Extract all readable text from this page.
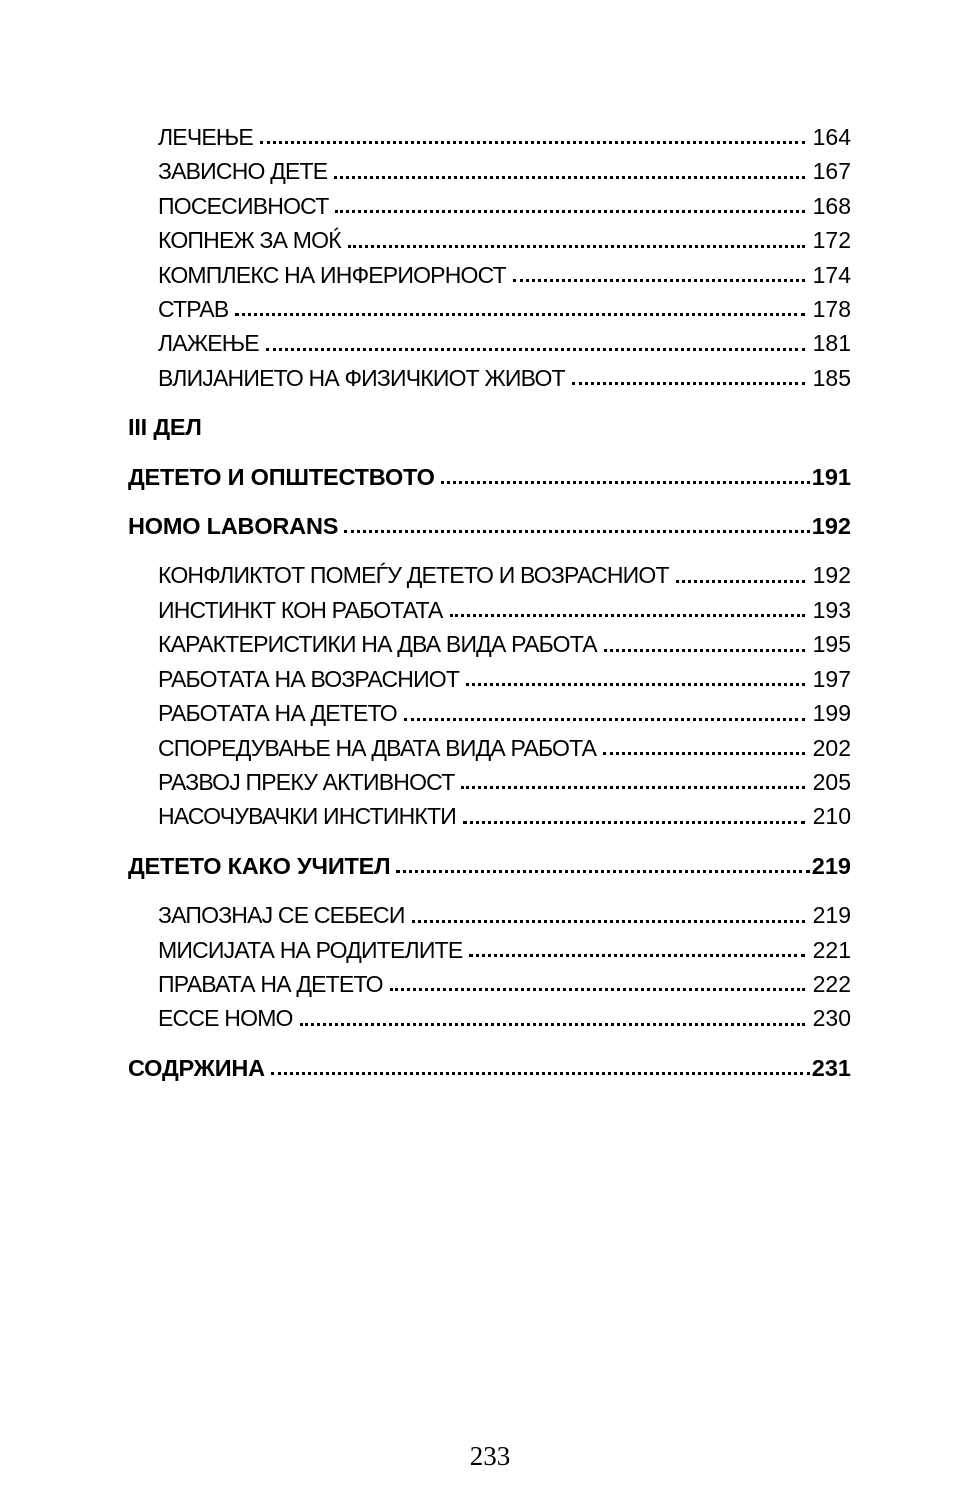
ЛЕЧЕЊЕ	164
ЗАВИСНО ДЕТЕ	167
ПОСЕСИВНОСТ	168
КОПНЕЖ ЗА МОЌ	172
КОМПЛЕКС НА ИНФЕРИОРНОСТ	174
СТРАВ	178
ЛАЖЕЊЕ	181
ВЛИЈАНИЕТО НА ФИЗИЧКИОТ ЖИВОТ	185
III ДЕЛ
ДЕТЕТО И ОПШТЕСТВОТО	191
HOMO LABORANS	192
КОНФЛИКТОТ ПОМЕЃУ ДЕТЕТО И ВОЗРАСНИОТ	192
ИНСТИНКТ КОН РАБОТАТА	193
КАРАКТЕРИСТИКИ НА ДВА ВИДА РАБОТА	195
РАБОТАТА НА ВОЗРАСНИОТ	197
РАБОТАТА НА ДЕТЕТО	199
СПОРЕДУВАЊЕ НА ДВАТА ВИДА РАБОТА	202
РАЗВОЈ ПРЕКУ АКТИВНОСТ	205
НАСОЧУВАЧКИ ИНСТИНКТИ	210
ДЕТЕТО КАКО УЧИТЕЛ	219
ЗАПОЗНАЈ СЕ СЕБЕСИ	219
МИСИЈАТА НА РОДИТЕЛИТЕ	221
ПРАВАТА НА ДЕТЕТО	222
ECCE HOMO	230
СОДРЖИНА	231
233
